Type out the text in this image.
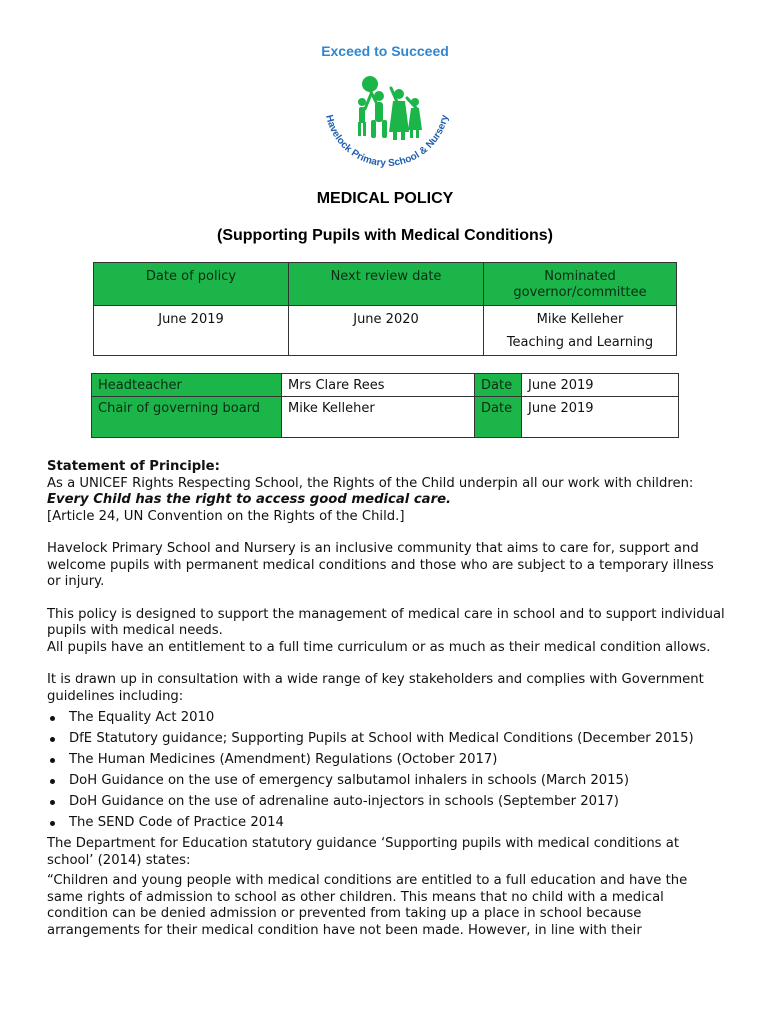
Exceed to Succeed
Havelock Primary School & Nursery
MEDICAL POLICY
(Supporting Pupils with Medical Conditions)
Date of policy	Next review date	Nominated governor/committee
June 2019	June 2020	Mike Kelleher
Teaching and Learning
Headteacher	Mrs Clare Rees	Date	June 2019
Chair of governing board	Mike Kelleher	Date	June 2019

Statement of Principle:
As a UNICEF Rights Respecting School, the Rights of the Child underpin all our work with children:
Every Child has the right to access good medical care.
[Article 24, UN Convention on the Rights of the Child.]

Havelock Primary School and Nursery is an inclusive community that aims to care for, support and welcome pupils with permanent medical conditions and those who are subject to a temporary illness or injury.

This policy is designed to support the management of medical care in school and to support individual pupils with medical needs.
All pupils have an entitlement to a full time curriculum or as much as their medical condition allows.

It is drawn up in consultation with a wide range of key stakeholders and complies with Government guidelines including:

The Equality Act 2010
DfE Statutory guidance; Supporting Pupils at School with Medical Conditions (December 2015)
The Human Medicines (Amendment) Regulations (October 2017)
DoH Guidance on the use of emergency salbutamol inhalers in schools (March 2015)
DoH Guidance on the use of adrenaline auto-injectors in schools (September 2017)
The SEND Code of Practice 2014

The Department for Education statutory guidance ‘Supporting pupils with medical conditions at school’ (2014) states:

“Children and young people with medical conditions are entitled to a full education and have the same rights of admission to school as other children. This means that no child with a medical condition can be denied admission or prevented from taking up a place in school because arrangements for their medical condition have not been made. However, in line with their
